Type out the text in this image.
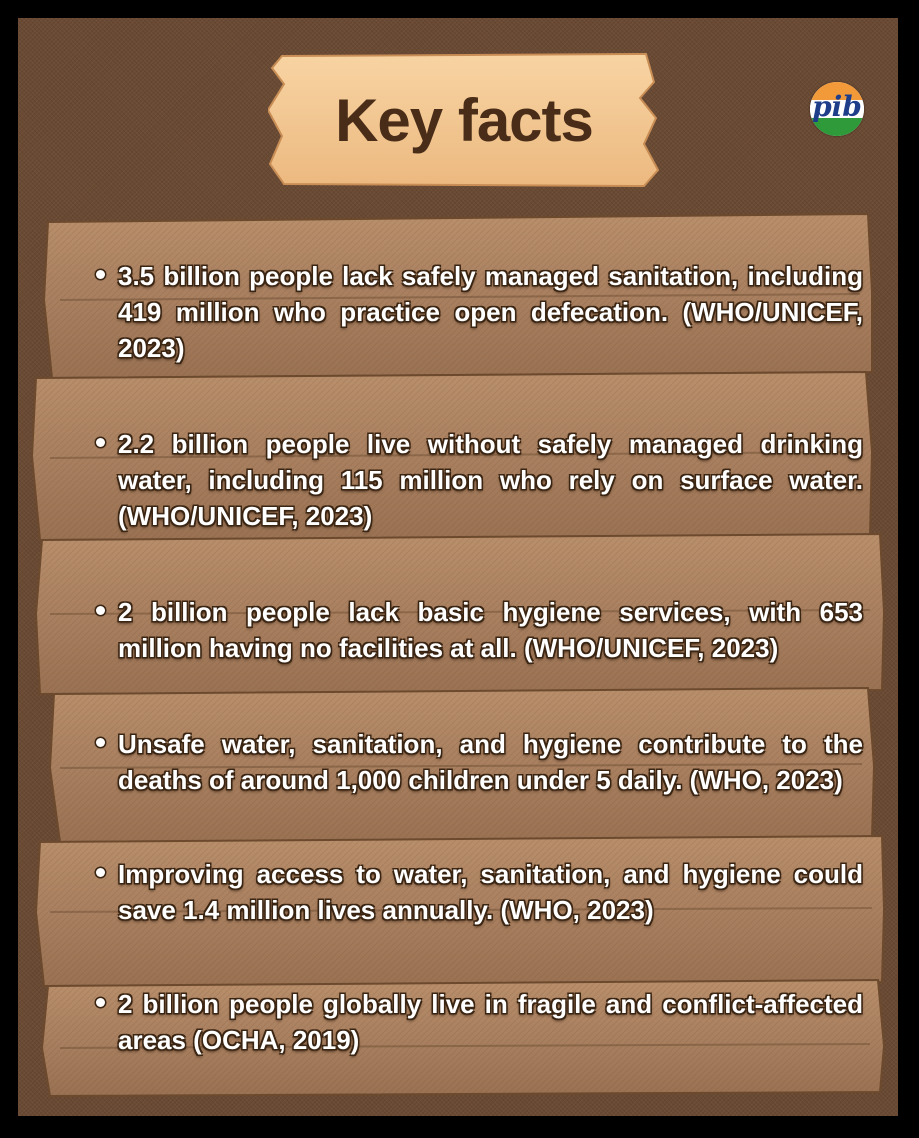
Key facts	pib
3.5 billion people lack safely managed sanitation, including 419 million who practice open defecation. (WHO/UNICEF, 2023)
2.2 billion people live without safely managed drinking water, including 115 million who rely on surface water. (WHO/UNICEF, 2023)
2 billion people lack basic hygiene services, with 653 million having no facilities at all. (WHO/UNICEF, 2023)
Unsafe water, sanitation, and hygiene contribute to the deaths of around 1,000 children under 5 daily. (WHO, 2023)
Improving access to water, sanitation, and hygiene could save 1.4 million lives annually. (WHO, 2023)
2 billion people globally live in fragile and conflict-affected areas (OCHA, 2019)
